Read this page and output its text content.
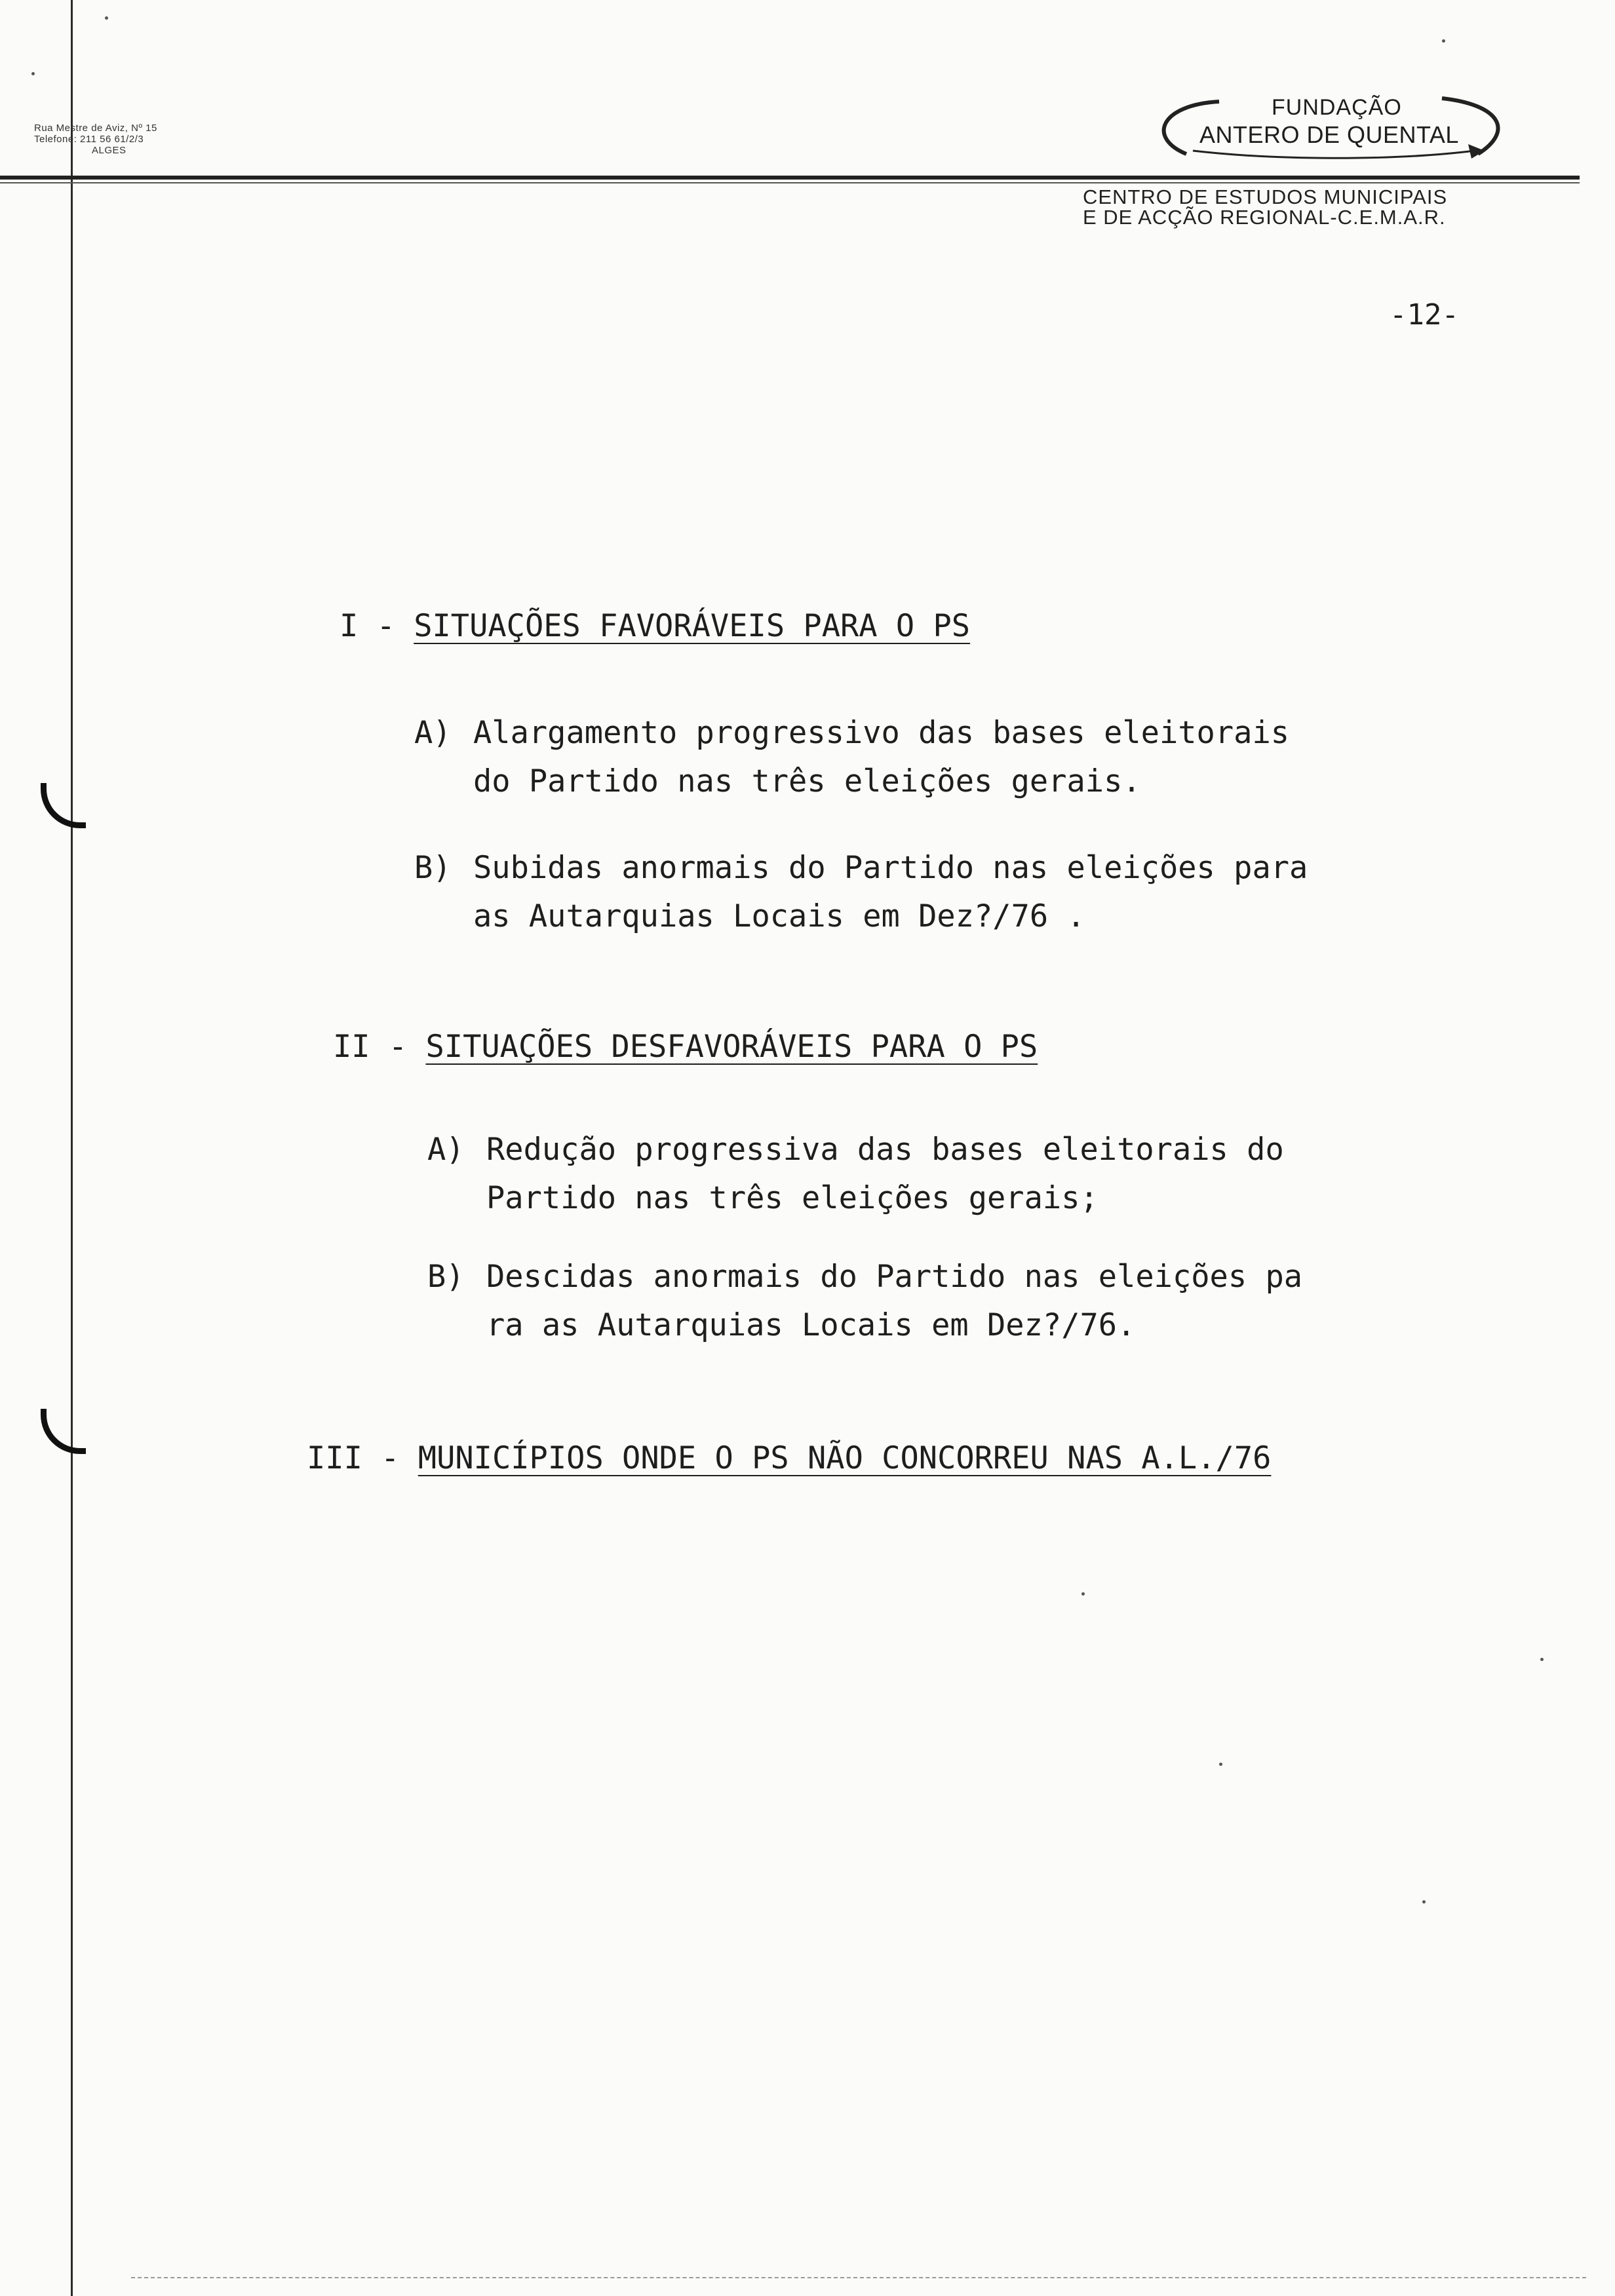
Rua Mestre de Aviz, Nº 15
Telefone: 211 56 61/2/3
ALGES
FUNDAÇÃO
ANTERO DE QUENTAL
CENTRO DE ESTUDOS MUNICIPAIS
E DE ACÇÃO REGIONAL-C.E.M.A.R.
-12-
I - SITUAÇÕES FAVORÁVEIS PARA O PS
A) Alargamento progressivo das bases eleitorais
do Partido nas três eleições gerais.
B) Subidas anormais do Partido nas eleições para
as Autarquias Locais em Dez?/76 .
II - SITUAÇÕES DESFAVORÁVEIS PARA O PS
A) Redução progressiva das bases eleitorais do
Partido nas três eleições gerais;
B) Descidas anormais do Partido nas eleições pa
ra as Autarquias Locais em Dez?/76.
III - MUNICÍPIOS ONDE O PS NÃO CONCORREU NAS A.L./76
